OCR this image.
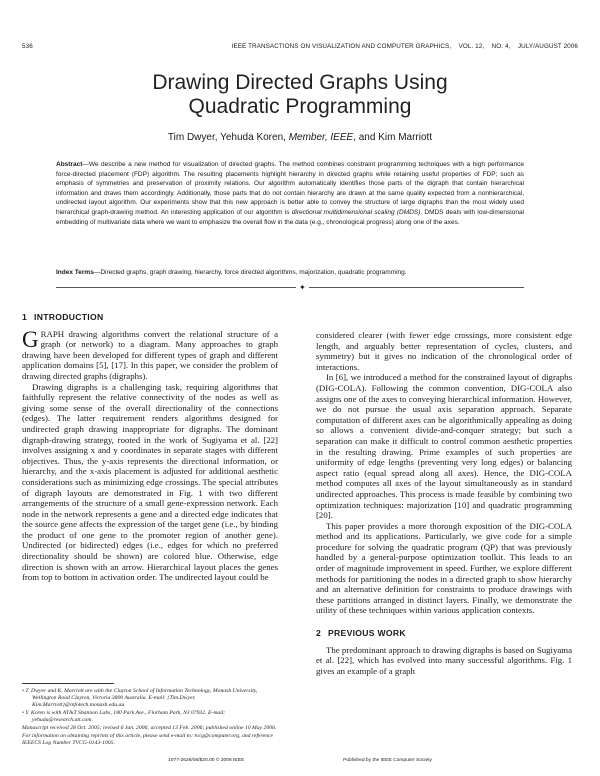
536	IEEE TRANSACTIONS ON VISUALIZATION AND COMPUTER GRAPHICS,    VOL. 12,    NO. 4,    JULY/AUGUST 2006
Drawing Directed Graphs Using
Quadratic Programming
Tim Dwyer, Yehuda Koren, Member, IEEE, and Kim Marriott
Abstract—We describe a new method for visualization of directed graphs. The method combines constraint programming techniques with a high performance force-directed placement (FDP) algorithm. The resulting placements highlight hierarchy in directed graphs while retaining useful properties of FDP; such as emphasis of symmetries and preservation of proximity relations. Our algorithm automatically identifies those parts of the digraph that contain hierarchical information and draws them accordingly. Additionally, those parts that do not contain hierarchy are drawn at the same quality expected from a nonhierarchical, undirected layout algorithm. Our experiments show that this new approach is better able to convey the structure of large digraphs than the most widely used hierarchical graph-drawing method. An interesting application of our algorithm is directional multidimensional scaling (DMDS). DMDS deals with low-dimensional embedding of multivariate data where we want to emphasize the overall flow in the data (e.g., chronological progress) along one of the axes.
Index Terms—Directed graphs, graph drawing, hierarchy, force directed algorithms, majorization, quadratic programming.
✦
1 INTRODUCTION

GRAPH drawing algorithms convert the relational structure of a graph (or network) to a diagram. Many approaches to graph drawing have been developed for different types of graph and different application domains [5], [17]. In this paper, we consider the problem of drawing directed graphs (digraphs).

Drawing digraphs is a challenging task, requiring algorithms that faithfully represent the relative connectivity of the nodes as well as giving some sense of the overall directionality of the connections (edges). The latter requirement renders algorithms designed for undirected graph drawing inappropriate for digraphs. The dominant digraph-drawing strategy, rooted in the work of Sugiyama et al. [22] involves assigning x and y coordinates in separate stages with different objectives. Thus, the y-axis represents the directional information, or hierarchy, and the x-axis placement is adjusted for additional aesthetic considerations such as minimizing edge crossings. The special attributes of digraph layouts are demonstrated in Fig. 1 with two different arrangements of the structure of a small gene-expression network. Each node in the network represents a gene and a directed edge indicates that the source gene affects the expression of the target gene (i.e., by binding the product of one gene to the promoter region of another gene). Undirected (or bidirected) edges (i.e., edges for which no preferred directionality should be shown) are colored blue. Otherwise, edge direction is shown with an arrow. Hierarchical layout places the genes from top to bottom in activation order. The undirected layout could be

considered clearer (with fewer edge crossings, more consistent edge length, and arguably better representation of cycles, clusters, and symmetry) but it gives no indication of the chronological order of interactions.

In [6], we introduced a method for the constrained layout of digraphs (DIG-COLA). Following the common convention, DIG-COLA also assigns one of the axes to conveying hierarchical information. However, we do not pursue the usual axis separation approach. Separate computation of different axes can be algorithmically appealing as doing so allows a convenient divide-and-conquer strategy; but such a separation can make it difficult to control common aesthetic properties in the resulting drawing. Prime examples of such properties are uniformity of edge lengths (preventing very long edges) or balancing aspect ratio (equal spread along all axes). Hence, the DIG-COLA method computes all axes of the layout simultaneously as in standard undirected approaches. This process is made feasible by combining two optimization techniques: majorization [10] and quadratic programming [20].

This paper provides a more thorough exposition of the DIG-COLA method and its applications. Particularly, we give code for a simple procedure for solving the quadratic program (QP) that was previously handled by a general-purpose optimization toolkit. This leads to an order of magnitude improvement in speed. Further, we explore different methods for partitioning the nodes in a directed graph to show hierarchy and an alternative definition for constraints to produce drawings with these partitions arranged in distinct layers. Finally, we demonstrate the utility of these techniques within various application contexts.

2 PREVIOUS WORK

The predominant approach to drawing digraphs is based on Sugiyama et al. [22], which has evolved into many successful algorithms. Fig. 1 gives an example of a graph

• T. Dwyer and K. Marriott are with the Clayton School of Information Technology, Monash University, Wellington Road Clayton, Victoria 3800 Australia. E-mail: {Tim.Dwyer, Kim.Marriott}@infotech.monash.edu.au.
• Y. Koren is with AT&T Shannon Labs, 180 Park Ave., Florham Park, NJ 07932. E-mail: yehuda@research.att.com.
Manuscript received 28 Oct. 2005; revised 6 Jan. 2006; accepted 13 Feb. 2006; published online 10 May 2006.
For information on obtaining reprints of this article, please send e-mail to: tvcg@computer.org, and reference IEEECS Log Number TVCG-0143-1005.
1077-2626/06/$20.00 © 2006 IEEE	Published by the IEEE Computer Society
